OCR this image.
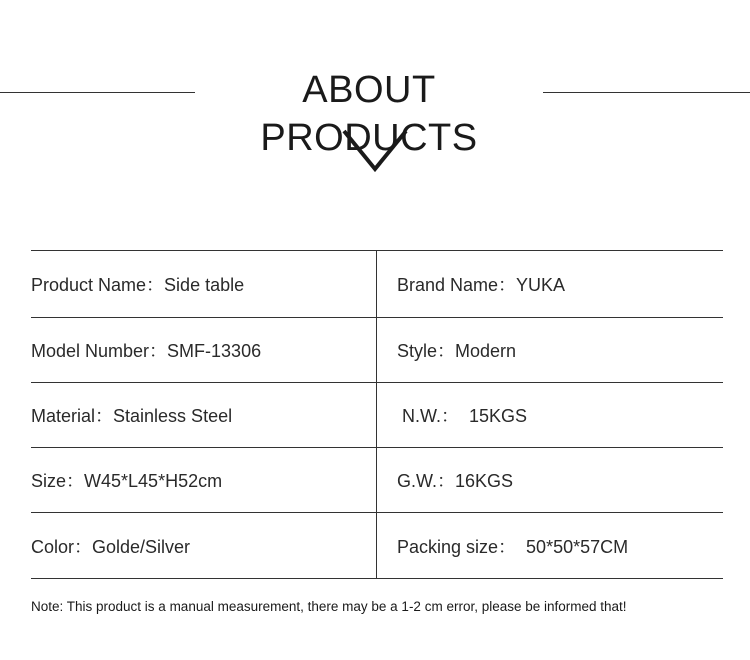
ABOUT PRODUCTS
Product Name：Side table	Brand Name：YUKA
Model Number：SMF-13306	Style：Modern
Material：Stainless Steel	N.W.：  15KGS
Size：W45*L45*H52cm	G.W.：16KGS
Color：Golde/Silver	Packing size：  50*50*57CM
Note: This product is a manual measurement, there may be a 1-2 cm error, please be informed that!
